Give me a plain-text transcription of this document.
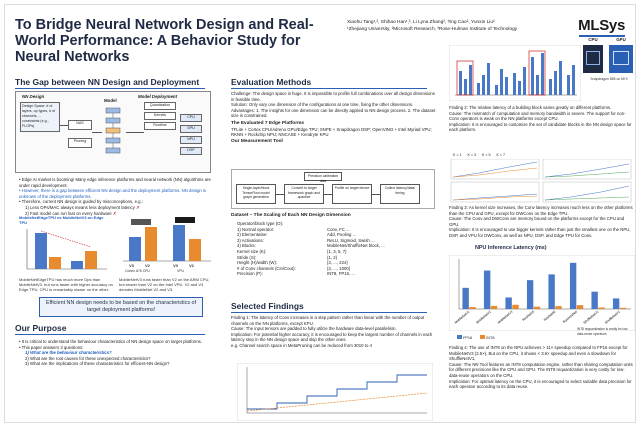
To Bridge Neural Network Design and Real-World Performance: A Behavior Study for Neural Networks
Xiaohu Tang¹,², Shihao Han¹,³, Li Lyna Zhang², Ting Cao², Yunxin Liu²
¹Zhejiang University, ²Microsoft Research, ³Rose-Hulman Institute of Technology	MLSys
The Gap between NN Design and Deployment
NN Design
Design Space: # of layers, op types, # of channels, ... constraints (e.g., FLOPs)
NAS
Pruning
Model
Model Deployment
Quantization
Kernels
Runtime
CPU
GPU
NPU
DSP
• Edge AI market is booming! Many edge inference platforms and neural network (NN) algorithms are under rapid development.
• However, there is a gap between efficient NN design and the deployment platforms. NN design is unknown of the deployment platforms.
• Therefore, current NN design is guided by misconceptions, e.g.:
1) Less OPs/MAC always means less deployment latency ✗
2) Fast model can run fast on every hardware ✗
MobileNetEdgeTPU vs MobileNetV3 on Edge TPU
MobileNetEdgeTPU has much more Ops than MobileNetV3, but runs faster with higher accuracy on Edge TPU. CPU is remarkably slower on the other.
V3	V2	V3	V2
Cortex A76 CPU	VPU
MobileNetV3 runs faster than V2 on the ARM CPU, but slower than V2 on the Intel VPU. V2 and V3 denotes MobileNet V2 and V3.
Efficient NN design needs to be based on the characteristics of target deployment platforms!
Our Purpose
• It is critical to understand the behaviour characteristics of NN design space on target platforms.
• This paper answers 3 questions:
1) What are the behaviour characteristics?
2) What are the root causes for these unexpected characteristics?
3) What are the implications of these characteristics for efficient-NN design?
Evaluation Methods
Challenge: The design space is huge. It is impossible to profile full combinations over all design dimensions in feasible time.
Solution: Only vary one dimension of the configurations at one time, fixing the other dimensions.
Advantages: 1. The insights for one dimension can be directly applied to NN design process. 2. The dataset size is constrained.
The Evaluated 7 Edge Platforms
TFLite + Cortex CPU/Adreno GPU/Edge TPU; SNPE + Snapdragon DSP; OpenVINO + Intel Myriad VPU; RKNN + Rockchip NPU; NNCASE + Kendryte KPU
Our Measurement Tool
Single-layer/block TensorFlow model graph generation
Convert to target framework graph and quantize
Precision calibration data
Profile on target device	Collect latency/data/ timing
Dataset – The Scaling of Each NN Design Dimension
Operator/block type (O):
1) Normal operator:	Conv, FC ...
2) Elementwise:	Add, Pooling ...
3) Activations:	ReLU, Sigmoid, Swish ...
4) Blocks:	MobileNet/ShuffleNet block, ...
Kernel size (K):	{1, 3, 5, 7}
Stride (S):	{1, 2}
Height (H)/width (W):	{3, ..., 224}
# of Conv channels (Cin/Cout):	{3, ..., 1000}
Precision (P):	INT8, FP16, ...
Selected Findings
Finding 1: The latency of Conv increases in a step pattern rather than linear with the number of output channels on the NN platforms, except KPU.
Cause: The input tensors are padded to fully utilize the hardware data-level parallelism.
Implication: For potential higher accuracy, it is encouraged to keep the largest number of channels in each latency step in the NN design space and skip the other ones.
e.g. Channel search space in MetaPruning can be reduced from 3010 to 4
CPU	GPU
Snapdragon 855 on Mi 9
Finding 2: The relative latency of a building block varies greatly on different platforms.
Cause: The mismatch of computation and memory bandwidth is severe. The support for non-Conv operators is weak on the NN platforms except CPU.
Implication: It is encouraged to customize the set of candidate blocks in the NN design space for each platform.
K = 1 K = 3 K = 5 K = 7
Finding 3: As kernel size increases, the Conv latency increases much less on the other platforms than the CPU and GPU, except for DWConv on the Edge TPU.
Cause: The Conv and DWConv are memory bound on the platforms except for the CPU and GPU.
Implication: It is encouraged to use bigger kernels rather than just the smallest one on the NPU, DSP, and VPU for DWConv, as well as NPU, DSP, and Edge TPU for Conv.
NPU Inference Latency (ms)
MobileNetV1 MobileNetV2 MobileNetV3	ResNet18	ResNet50 SqueezeNet ShuffleNetV1 ShuffleNetV2
FP16	INT8
INT8 requantization is costly for low-data-reuse operators
Finding 4: The use of INT8 on the NPU achieves > 11× speedup compared to FP16 except for MobileNetV3 (2.5×). But on the CPU, it shows < 3.6× speedup and even a slowdown for ShuffleNetV1.
Cause: The NN Tool features an INT8 computation engine, rather than sharing computation units for different precisions like the CPU and GPU. The INT8 requantization is very costly for low-data-reuse operators on the CPU.
Implication: For optimal latency on the CPU, it is encouraged to select suitable data precision for each operator according to its data reuse.
